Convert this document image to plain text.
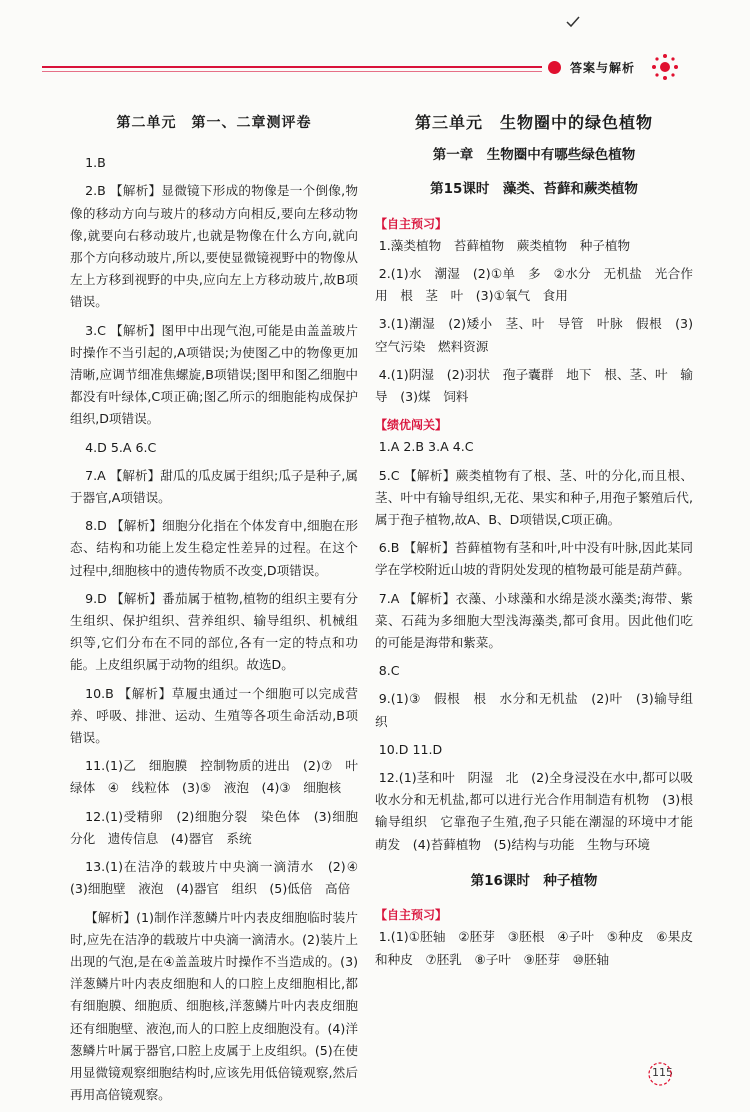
答案与解析
第二单元　第一、二章测评卷

1.B

2.B 【解析】显微镜下形成的物像是一个倒像,物像的移动方向与玻片的移动方向相反,要向左移动物像,就要向右移动玻片,也就是物像在什么方向,就向那个方向移动玻片,所以,要使显微镜视野中的物像从左上方移到视野的中央,应向左上方移动玻片,故B项错误。

3.C 【解析】图甲中出现气泡,可能是由盖盖玻片时操作不当引起的,A项错误;为使图乙中的物像更加清晰,应调节细准焦螺旋,B项错误;图甲和图乙细胞中都没有叶绿体,C项正确;图乙所示的细胞能构成保护组织,D项错误。

4.D 5.A 6.C

7.A 【解析】甜瓜的瓜皮属于组织;瓜子是种子,属于器官,A项错误。

8.D 【解析】细胞分化指在个体发育中,细胞在形态、结构和功能上发生稳定性差异的过程。在这个过程中,细胞核中的遗传物质不改变,D项错误。

9.D 【解析】番茄属于植物,植物的组织主要有分生组织、保护组织、营养组织、输导组织、机械组织等,它们分布在不同的部位,各有一定的特点和功能。上皮组织属于动物的组织。故选D。

10.B 【解析】草履虫通过一个细胞可以完成营养、呼吸、排泄、运动、生殖等各项生命活动,B项错误。

11.(1)乙　细胞膜　控制物质的进出　(2)⑦　叶绿体　④　线粒体　(3)⑤　液泡　(4)③　细胞核

12.(1)受精卵　(2)细胞分裂　染色体　(3)细胞分化　遗传信息　(4)器官　系统

13.(1)在洁净的载玻片中央滴一滴清水　(2)④　(3)细胞壁　液泡　(4)器官　组织　(5)低倍　高倍

【解析】(1)制作洋葱鳞片叶内表皮细胞临时装片时,应先在洁净的载玻片中央滴一滴清水。(2)装片上出现的气泡,是在④盖盖玻片时操作不当造成的。(3)洋葱鳞片叶内表皮细胞和人的口腔上皮细胞相比,都有细胞膜、细胞质、细胞核,洋葱鳞片叶内表皮细胞还有细胞壁、液泡,而人的口腔上皮细胞没有。(4)洋葱鳞片叶属于器官,口腔上皮属于上皮组织。(5)在使用显微镜观察细胞结构时,应该先用低倍镜观察,然后再用高倍镜观察。

第三单元　生物圈中的绿色植物
第一章　生物圈中有哪些绿色植物
第15课时　藻类、苔藓和蕨类植物

【自主预习】

1.藻类植物　苔藓植物　蕨类植物　种子植物

2.(1)水　潮湿　(2)①单　多　②水分　无机盐　光合作用　根　茎　叶　(3)①氧气　食用

3.(1)潮湿　(2)矮小　茎、叶　导管　叶脉　假根　(3)空气污染　燃料资源

4.(1)阴湿　(2)羽状　孢子囊群　地下　根、茎、叶　输导　(3)煤　饲料

【绩优闯关】

1.A 2.B 3.A 4.C

5.C 【解析】蕨类植物有了根、茎、叶的分化,而且根、茎、叶中有输导组织,无花、果实和种子,用孢子繁殖后代,属于孢子植物,故A、B、D项错误,C项正确。

6.B 【解析】苔藓植物有茎和叶,叶中没有叶脉,因此某同学在学校附近山坡的背阴处发现的植物最可能是葫芦藓。

7.A 【解析】衣藻、小球藻和水绵是淡水藻类;海带、紫菜、石莼为多细胞大型浅海藻类,都可食用。因此他们吃的可能是海带和紫菜。

8.C

9.(1)③　假根　根　水分和无机盐　(2)叶　(3)输导组织

10.D 11.D

12.(1)茎和叶　阴湿　北　(2)全身浸没在水中,都可以吸收水分和无机盐,都可以进行光合作用制造有机物　(3)根　输导组织　它靠孢子生殖,孢子只能在潮湿的环境中才能萌发　(4)苔藓植物　(5)结构与功能　生物与环境

第16课时　种子植物

【自主预习】

1.(1)①胚轴　②胚芽　③胚根　④子叶　⑤种皮　⑥果皮和种皮　⑦胚乳　⑧子叶　⑨胚芽　⑩胚轴

115
